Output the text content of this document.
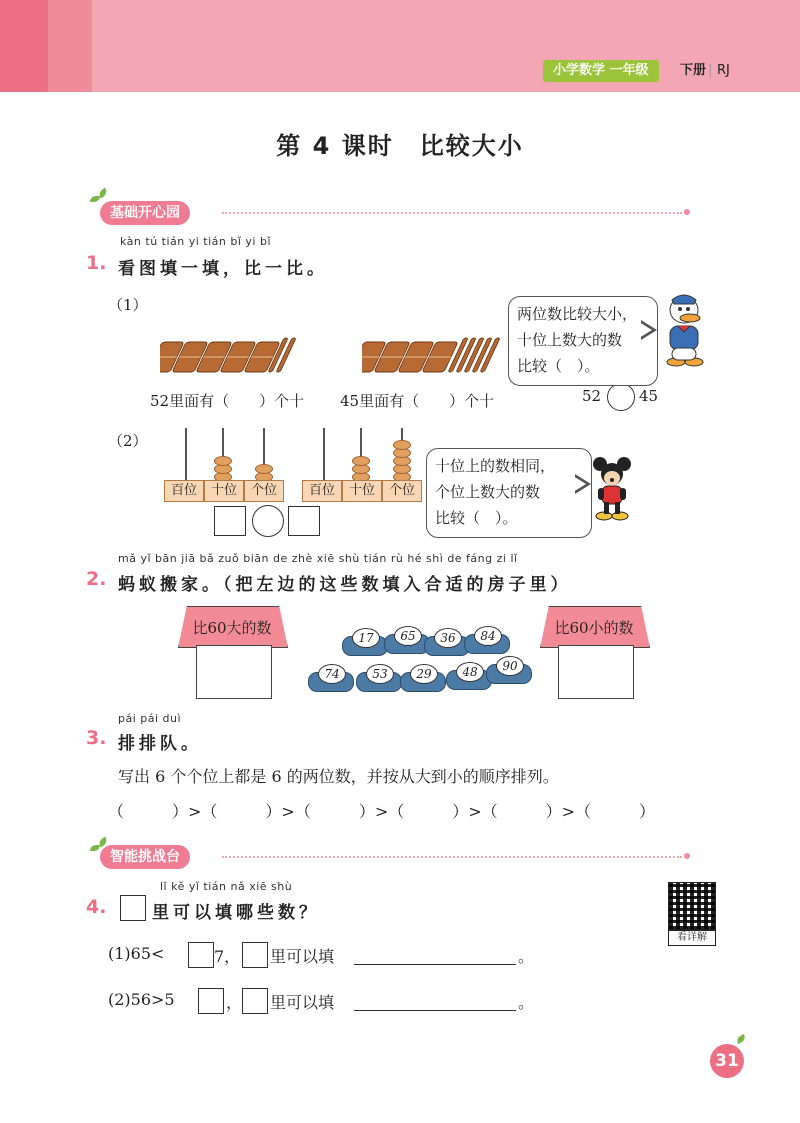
小学数学 一年级	下册 | RJ
第 4 课时　比较大小
基础开心园
kàn tú tián yi tián bǐ yi bǐ
1. 看图填一填，比一比。
（1）
52里面有（　　）个十 45里面有（　　）个十	52	45
两位数比较大小，
十位上数大的数
比较（　）。
（2）
百位	十位	个位	百位	十位	个位
十位上的数相同，
个位上数大的数
比较（　）。
mǎ yǐ bān jiā bǎ zuǒ biān de zhè xiē shù tián rù hé shì de fáng zi lǐ
2. 蚂蚁搬家。（把左边的这些数填入合适的房子里）
比60大的数	比60小的数
17	65	36	84
74	53	29	48	90
pái pái duì
3. 排排队。
写出 6 个个位上都是 6 的两位数，并按从大到小的顺序排列。
（　　　）>（　　　）>（　　　）>（　　　）>（　　　）>（　　　）
智能挑战台
lǐ kě yǐ tián nǎ xiē shù
4.	里可以填哪些数？
看详解
(1)65<	7， 里可以填	。
(2)56>5	， 里可以填	。
31
